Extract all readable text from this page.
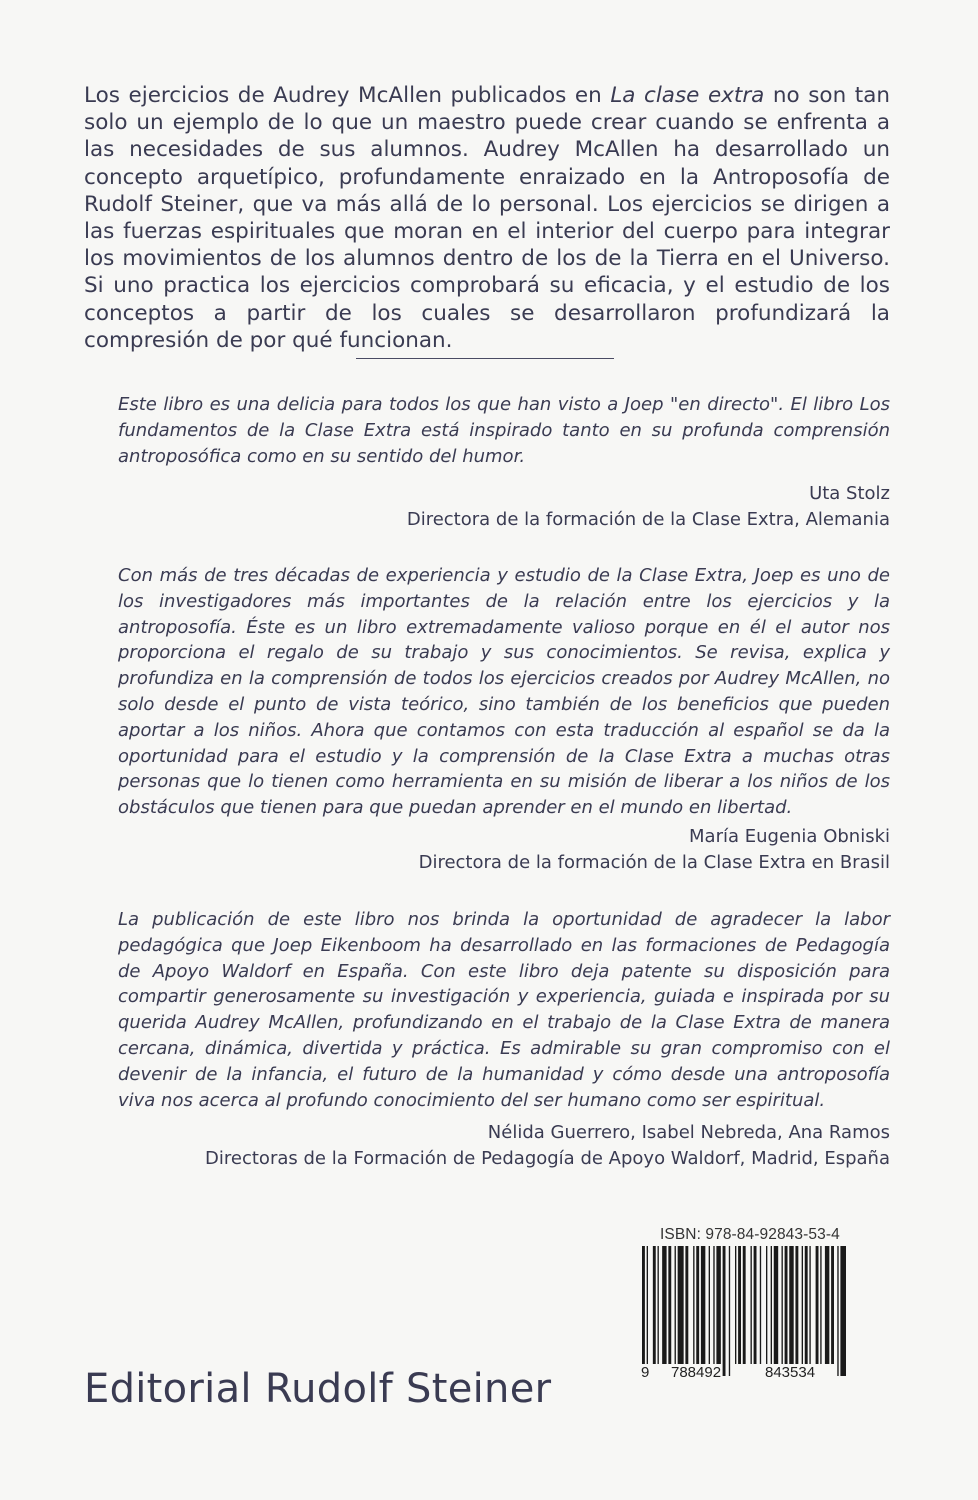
Los ejercicios de Audrey McAllen publicados en La clase extra no son tan solo un ejemplo de lo que un maestro puede crear cuando se enfrenta a las necesidades de sus alumnos. Audrey McAllen ha desarrollado un concepto arquetípico, profundamente enraizado en la Antroposofía de Rudolf Steiner, que va más allá de lo personal. Los ejercicios se dirigen a las fuerzas espirituales que moran en el interior del cuerpo para integrar los movimientos de los alumnos dentro de los de la Tierra en el Universo. Si uno practica los ejercicios comprobará su eficacia, y el estudio de los conceptos a partir de los cuales se desarrollaron profundizará la compresión de por qué funcionan.

Este libro es una delicia para todos los que han visto a Joep "en directo". El libro Los fundamentos de la Clase Extra está inspirado tanto en su profunda comprensión antroposófica como en su sentido del humor.

Uta Stolz
Directora de la formación de la Clase Extra, Alemania

Con más de tres décadas de experiencia y estudio de la Clase Extra, Joep es uno de los investigadores más importantes de la relación entre los ejercicios y la antroposofía. Éste es un libro extremadamente valioso porque en él el autor nos proporciona el regalo de su trabajo y sus conocimientos. Se revisa, explica y profundiza en la comprensión de todos los ejercicios creados por Audrey McAllen, no solo desde el punto de vista teórico, sino también de los beneficios que pueden aportar a los niños. Ahora que contamos con esta traducción al español se da la oportunidad para el estudio y la comprensión de la Clase Extra a muchas otras personas que lo tienen como herramienta en su misión de liberar a los niños de los obstáculos que tienen para que puedan aprender en el mundo en libertad.

María Eugenia Obniski
Directora de la formación de la Clase Extra en Brasil

La publicación de este libro nos brinda la oportunidad de agradecer la labor pedagógica que Joep Eikenboom ha desarrollado en las formaciones de Pedagogía de Apoyo Waldorf en España. Con este libro deja patente su disposición para compartir generosamente su investigación y experiencia, guiada e inspirada por su querida Audrey McAllen, profundizando en el trabajo de la Clase Extra de manera cercana, dinámica, divertida y práctica. Es admirable su gran compromiso con el devenir de la infancia, el futuro de la humanidad y cómo desde una antroposofía viva nos acerca al profundo conocimiento del ser humano como ser espiritual.

Nélida Guerrero, Isabel Nebreda, Ana Ramos
Directoras de la Formación de Pedagogía de Apoyo Waldorf, Madrid, España

ISBN: 978-84-92843-53-4
9 788492	843534
Editorial Rudolf Steiner
